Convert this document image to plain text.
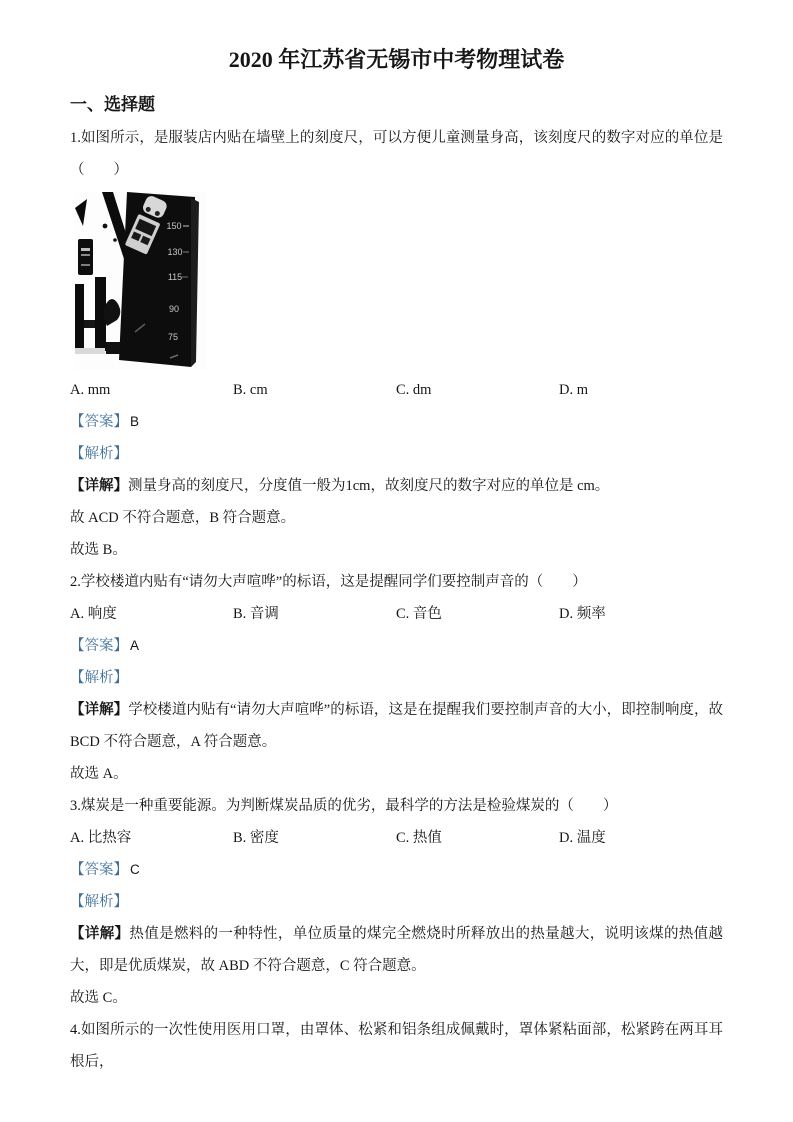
2020 年江苏省无锡市中考物理试卷
一、选择题

1.如图所示，是服装店内贴在墙壁上的刻度尺，可以方便儿童测量身高，该刻度尺的数字对应的单位是（　　）

150
130
115
90
75
A. mm	B. cm	C. dm	D. m

【答案】 B

【解析】

【详解】测量身高的刻度尺，分度值一般为1cm，故刻度尺的数字对应的单位是 cm。

故 ACD 不符合题意，B 符合题意。

故选 B。

2.学校楼道内贴有“请勿大声喧哗”的标语，这是提醒同学们要控制声音的（　　）

A. 响度	B. 音调	C. 音色	D. 频率

【答案】 A

【解析】

【详解】学校楼道内贴有“请勿大声喧哗”的标语，这是在提醒我们要控制声音的大小，即控制响度，故 BCD 不符合题意，A 符合题意。

故选 A。

3.煤炭是一种重要能源。为判断煤炭品质的优劣，最科学的方法是检验煤炭的（　　）

A. 比热容	B. 密度	C. 热值	D. 温度

【答案】 C

【解析】

【详解】热值是燃料的一种特性，单位质量的煤完全燃烧时所释放出的热量越大，说明该煤的热值越大，即是优质煤炭，故 ABD 不符合题意，C 符合题意。

故选 C。

4.如图所示的一次性使用医用口罩，由罩体、松紧和铝条组成佩戴时，罩体紧粘面部，松紧跨在两耳耳根后，
